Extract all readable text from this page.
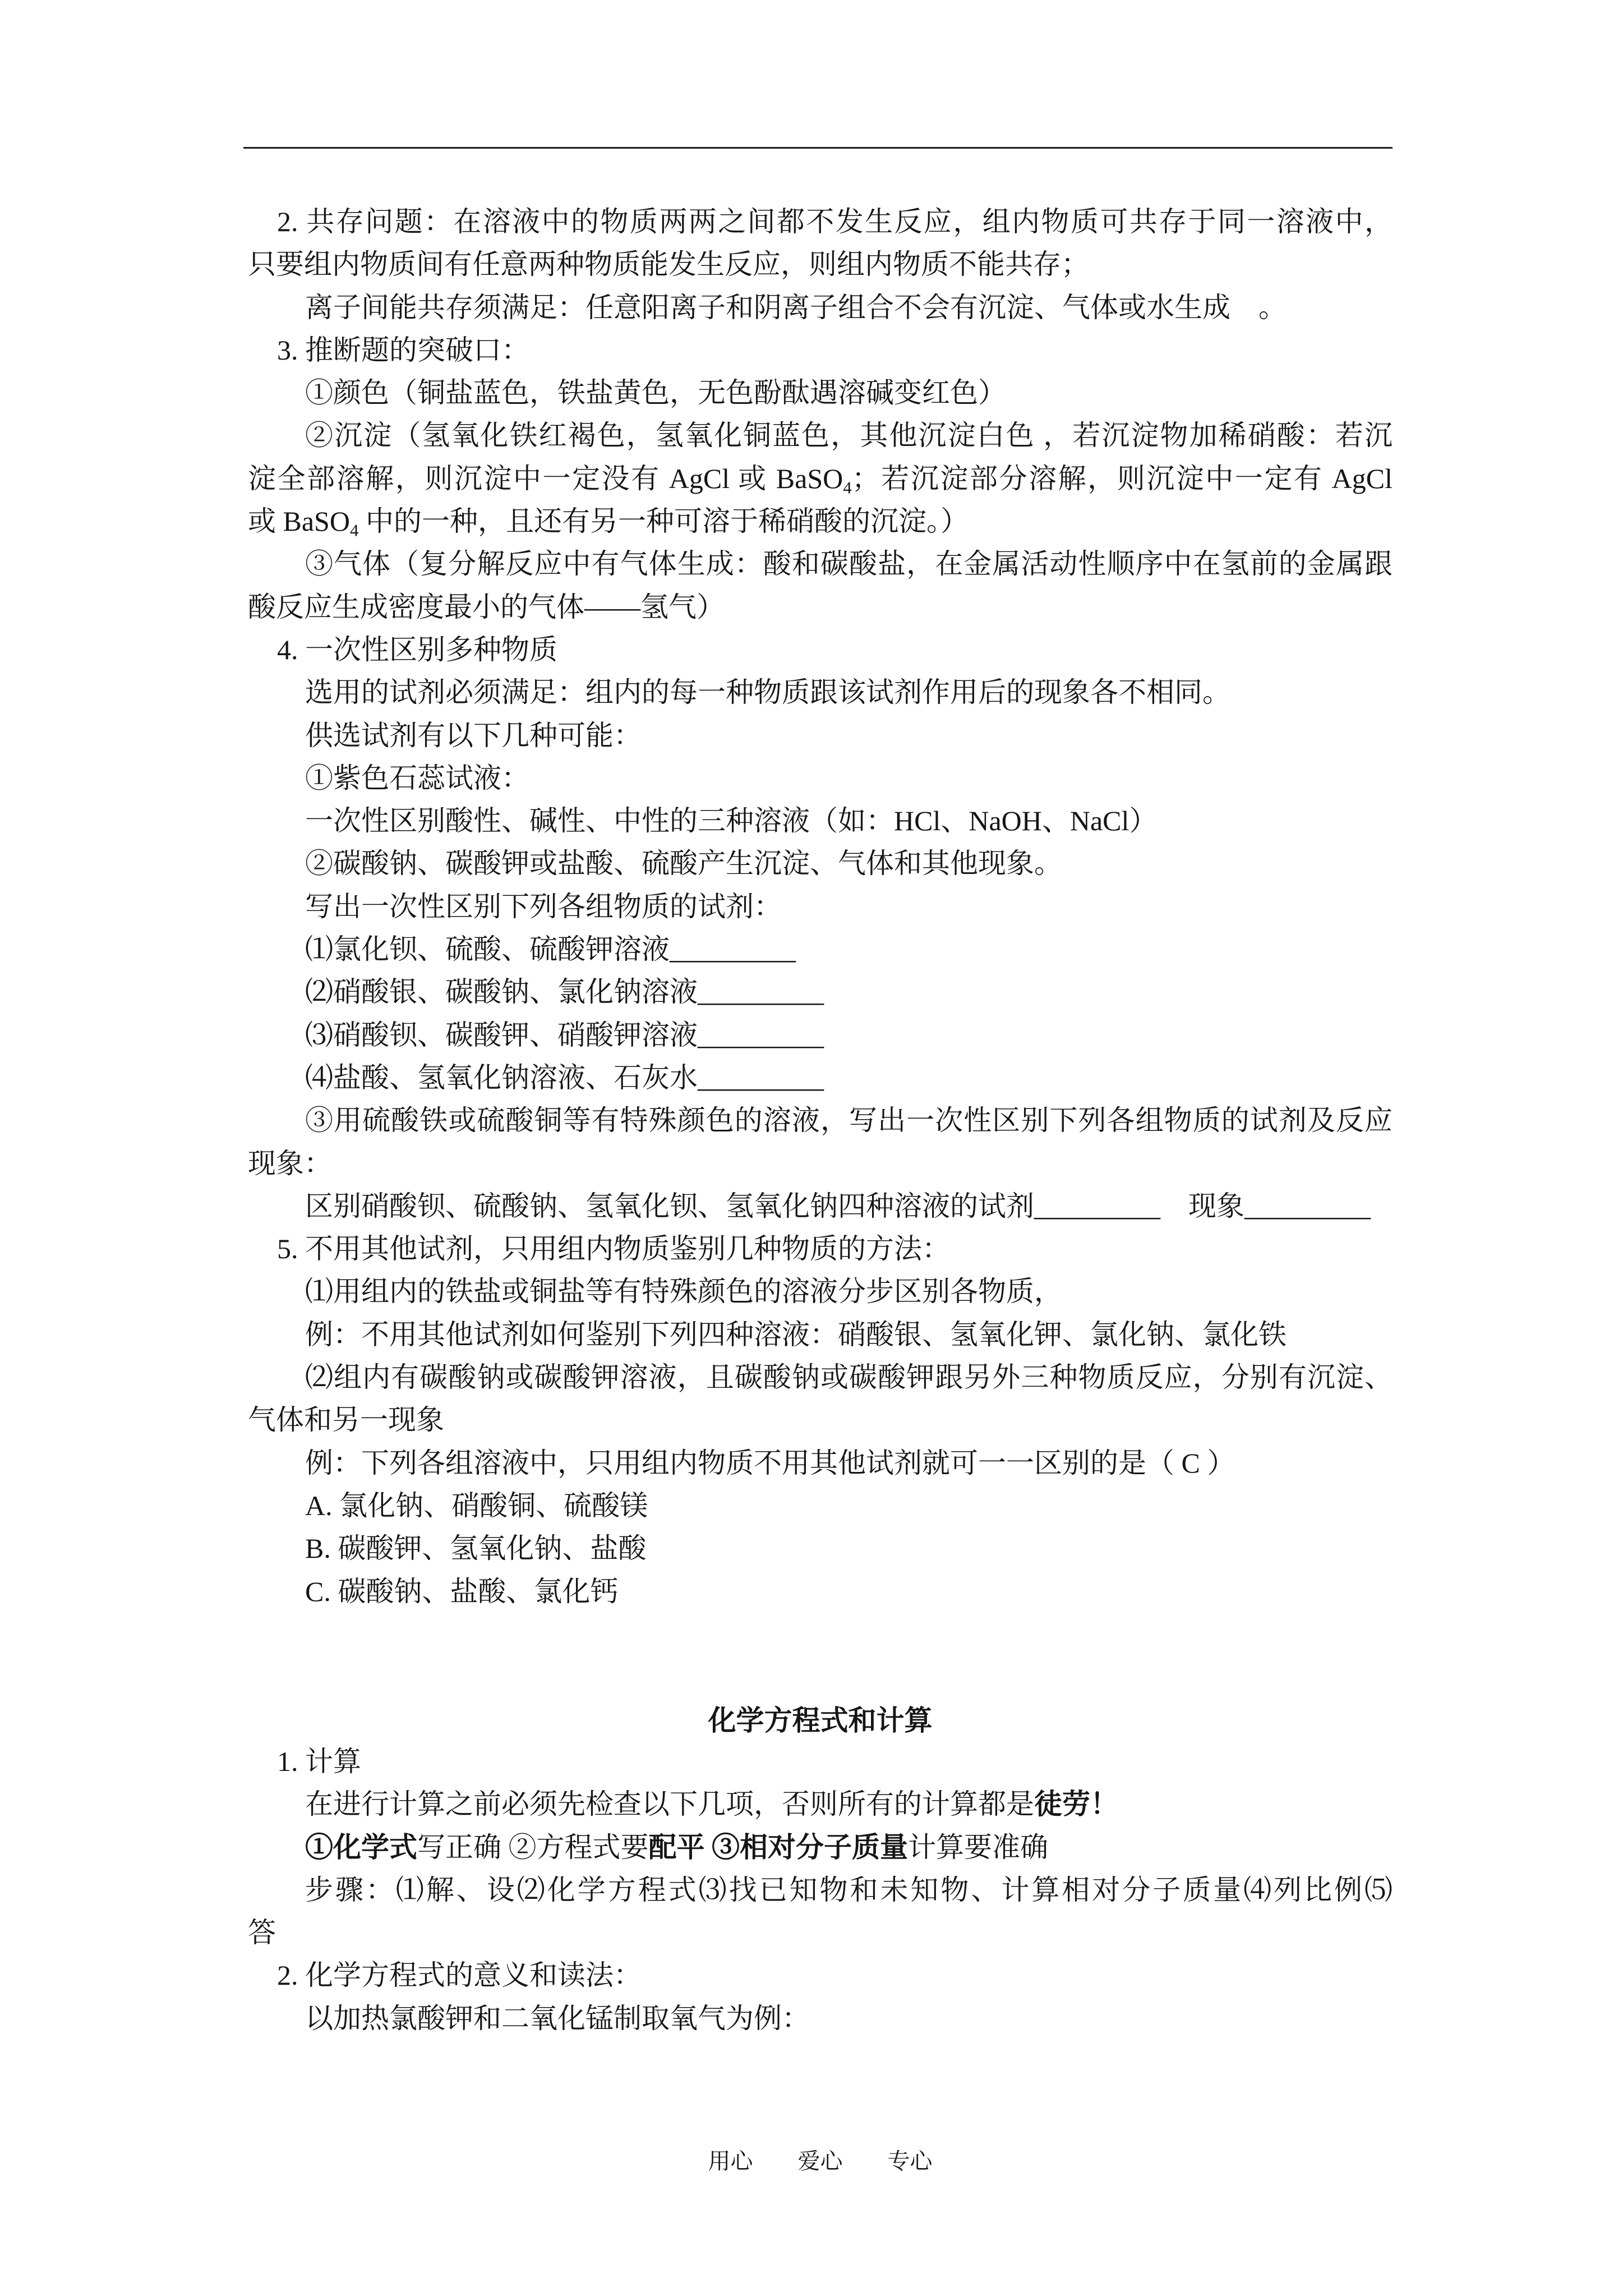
2. 共存问题：在溶液中的物质两两之间都不发生反应，组内物质可共存于同一溶液中，
只要组内物质间有任意两种物质能发生反应，则组内物质不能共存；
离子间能共存须满足：任意阳离子和阴离子组合不会有沉淀、气体或水生成　。
3. 推断题的突破口：
①颜色（铜盐蓝色，铁盐黄色，无色酚酞遇溶碱变红色）
②沉淀（氢氧化铁红褐色，氢氧化铜蓝色，其他沉淀白色 ，若沉淀物加稀硝酸：若沉
淀全部溶解，则沉淀中一定没有 AgCl 或 BaSO$_4$；若沉淀部分溶解，则沉淀中一定有 AgCl
或 BaSO$_4$ 中的一种，且还有另一种可溶于稀硝酸的沉淀。）
③气体（复分解反应中有气体生成：酸和碳酸盐，在金属活动性顺序中在氢前的金属跟
酸反应生成密度最小的气体——氢气）
4. 一次性区别多种物质
选用的试剂必须满足：组内的每一种物质跟该试剂作用后的现象各不相同。
供选试剂有以下几种可能：
①紫色石蕊试液：
一次性区别酸性、碱性、中性的三种溶液（如：HCl、NaOH、NaCl）
②碳酸钠、碳酸钾或盐酸、硫酸产生沉淀、气体和其他现象。
写出一次性区别下列各组物质的试剂：
⑴氯化钡、硫酸、硫酸钾溶液_________
⑵硝酸银、碳酸钠、氯化钠溶液_________
⑶硝酸钡、碳酸钾、硝酸钾溶液_________
⑷盐酸、氢氧化钠溶液、石灰水_________
③用硫酸铁或硫酸铜等有特殊颜色的溶液，写出一次性区别下列各组物质的试剂及反应
现象：
区别硝酸钡、硫酸钠、氢氧化钡、氢氧化钠四种溶液的试剂_________　现象_________
5. 不用其他试剂，只用组内物质鉴别几种物质的方法：
⑴用组内的铁盐或铜盐等有特殊颜色的溶液分步区别各物质，
例：不用其他试剂如何鉴别下列四种溶液：硝酸银、氢氧化钾、氯化钠、氯化铁
⑵组内有碳酸钠或碳酸钾溶液，且碳酸钠或碳酸钾跟另外三种物质反应，分别有沉淀、
气体和另一现象
例：下列各组溶液中，只用组内物质不用其他试剂就可一一区别的是（ C ）
A. 氯化钠、硝酸铜、硫酸镁
B. 碳酸钾、氢氧化钠、盐酸
C. 碳酸钠、盐酸、氯化钙
化学方程式和计算
1. 计算
在进行计算之前必须先检查以下几项，否则所有的计算都是徒劳！
①化学式写正确 ②方程式要配平 ③相对分子质量计算要准确
步骤：⑴解、设⑵化学方程式⑶找已知物和未知物、计算相对分子质量⑷列比例⑸
答
2. 化学方程式的意义和读法：
以加热氯酸钾和二氧化锰制取氧气为例：
用心　　爱心　　专心
